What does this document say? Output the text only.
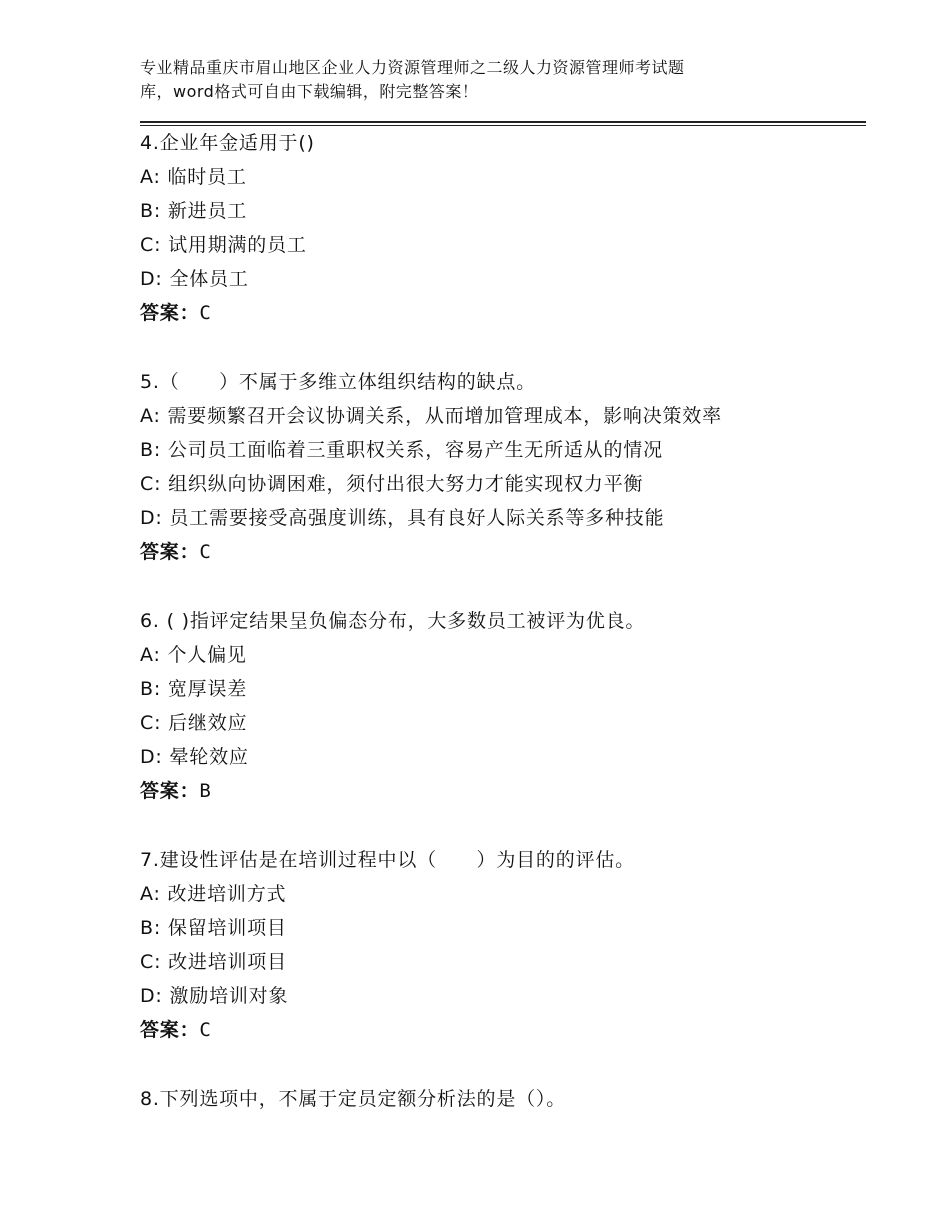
专业精品重庆市眉山地区企业人力资源管理师之二级人力资源管理师考试题
库，word格式可自由下载编辑，附完整答案！
4.企业年金适用于()
A: 临时员工
B: 新进员工
C: 试用期满的员工
D: 全体员工
答案：C
5.（　　）不属于多维立体组织结构的缺点。
A: 需要频繁召开会议协调关系，从而增加管理成本，影响决策效率
B: 公司员工面临着三重职权关系，容易产生无所适从的情况
C: 组织纵向协调困难，须付出很大努力才能实现权力平衡
D: 员工需要接受高强度训练，具有良好人际关系等多种技能
答案：C
6. ( )指评定结果呈负偏态分布，大多数员工被评为优良。
A: 个人偏见
B: 宽厚误差
C: 后继效应
D: 晕轮效应
答案：B
7.建设性评估是在培训过程中以（　　）为目的的评估。
A: 改进培训方式
B: 保留培训项目
C: 改进培训项目
D: 激励培训对象
答案：C
8.下列选项中，不属于定员定额分析法的是（）。
